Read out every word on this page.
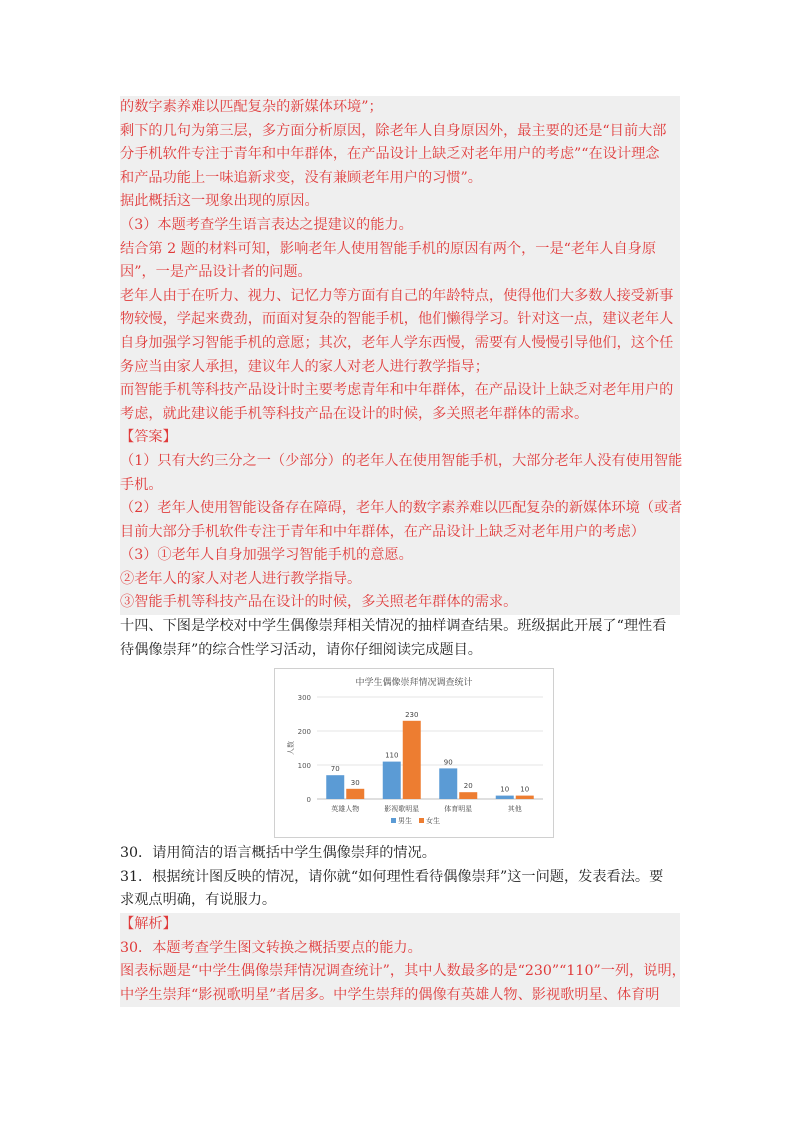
的数字素养难以匹配复杂的新媒体环境”；
剩下的几句为第三层，多方面分析原因，除老年人自身原因外，最主要的还是“目前大部
分手机软件专注于青年和中年群体，在产品设计上缺乏对老年用户的考虑”“在设计理念
和产品功能上一味追新求变，没有兼顾老年用户的习惯”。
据此概括这一现象出现的原因。
（3）本题考查学生语言表达之提建议的能力。
结合第 2 题的材料可知，影响老年人使用智能手机的原因有两个，一是“老年人自身原
因”，一是产品设计者的问题。
老年人由于在听力、视力、记忆力等方面有自己的年龄特点，使得他们大多数人接受新事
物较慢，学起来费劲，而面对复杂的智能手机，他们懒得学习。针对这一点，建议老年人
自身加强学习智能手机的意愿；其次，老年人学东西慢，需要有人慢慢引导他们，这个任
务应当由家人承担，建议年人的家人对老人进行教学指导；
而智能手机等科技产品设计时主要考虑青年和中年群体，在产品设计上缺乏对老年用户的
考虑，就此建议能手机等科技产品在设计的时候，多关照老年群体的需求。
【答案】
（1）只有大约三分之一（少部分）的老年人在使用智能手机，大部分老年人没有使用智能
手机。
（2）老年人使用智能设备存在障碍，老年人的数字素养难以匹配复杂的新媒体环境（或者
目前大部分手机软件专注于青年和中年群体，在产品设计上缺乏对老年用户的考虑）
（3）①老年人自身加强学习智能手机的意愿。
②老年人的家人对老人进行教学指导。
③智能手机等科技产品在设计的时候，多关照老年群体的需求。
十四、下图是学校对中学生偶像崇拜相关情况的抽样调查结果。班级据此开展了“理性看
待偶像崇拜”的综合性学习活动，请你仔细阅读完成题目。
中学生偶像崇拜情况调查统计
0
100
200
300
人数
70
30
英雄人物
110
230
影视歌明星
90
20
体育明星
10 10
其他
男生 女生
30．请用简洁的语言概括中学生偶像崇拜的情况。
31．根据统计图反映的情况，请你就“如何理性看待偶像崇拜”这一问题，发表看法。要
求观点明确，有说服力。
【解析】
30．本题考查学生图文转换之概括要点的能力。
图表标题是“中学生偶像崇拜情况调查统计”，其中人数最多的是“230”“110”一列，说明，
中学生崇拜“影视歌明星”者居多。中学生崇拜的偶像有英雄人物、影视歌明星、体育明
